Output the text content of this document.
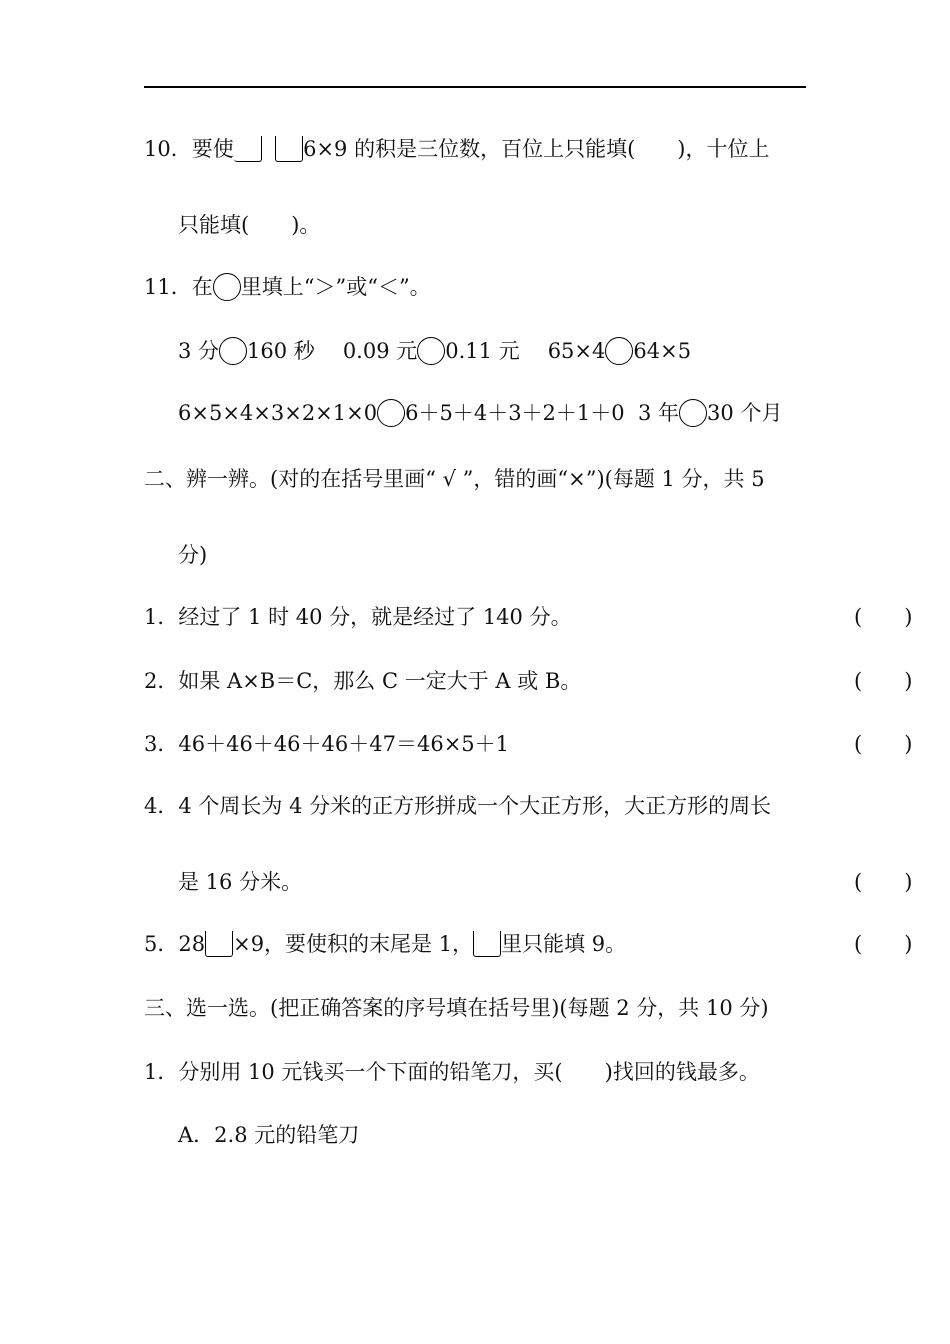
10．要使	6×9 的积是三位数，百位上只能填(　　)，十位上
只能填(　　)。
11．在 里填上“＞”或“＜”。
3 分 160 秒 0.09 元 0.11 元 65×4 64×5
6×5×4×3×2×1×0 6＋5＋4＋3＋2＋1＋0 3 年 30 个月
二、辨一辨。(对的在括号里画“ √ ”，错的画“×”)(每题 1 分，共 5
分)
1．经过了 1 时 40 分，就是经过了 140 分。	(　　)
2．如果 A×B＝C，那么 C 一定大于 A 或 B。	(　　)
3．46＋46＋46＋46＋47＝46×5＋1	(　　)
4．4 个周长为 4 分米的正方形拼成一个大正方形，大正方形的周长
是 16 分米。	(　　)
5．28 ×9，要使积的末尾是 1， 里只能填 9。	(　　)
三、选一选。(把正确答案的序号填在括号里)(每题 2 分，共 10 分)
1．分别用 10 元钱买一个下面的铅笔刀，买(　　)找回的钱最多。
A．2.8 元的铅笔刀
